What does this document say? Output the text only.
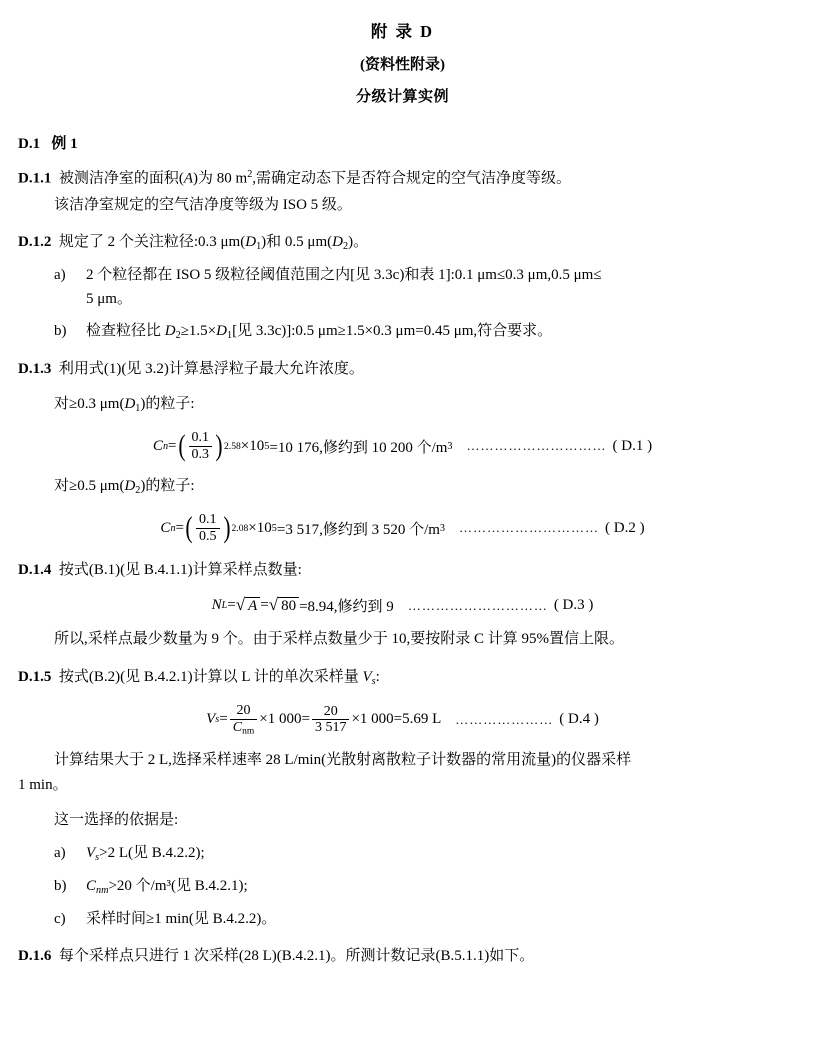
附 录 D
(资料性附录)
分级计算实例
D.1 例 1
D.1.1 被测洁净室的面积(A)为 80 $m^2$,需确定动态下是否符合规定的空气洁净度等级。
该洁净室规定的空气洁净度等级为 ISO 5 级。
D.1.2 规定了 2 个关注粒径:0.3 $\mu m(D_1)$和 0.5 $\mu m(D_2)$。
a)	2 个粒径都在 ISO 5 级粒径阈值范围之内[见 3.3c)和表 1]:0.1 μm≤0.3 μm,0.5 μm≤
5 μm。
b)	检查粒径比 $D_2\ge 1.5\times D_1$[见 3.3c)]:0.5 μm≥1.5×0.3 μm=0.45 μm,符合要求。
D.1.3 利用式(1)(见 3.2)计算悬浮粒子最大允许浓度。
对≥0.3 $\mu m(D_1)$的粒子:
C n = ( $\frac{0.1}{0.3}$ ) 2.58 ×10 5 =10 176,修约到 10 200 个/m 3 ………………………… ( D.1 )
对≥0.5 $\mu m(D_2)$的粒子:
C n = ( $\frac{0.1}{0.5}$ ) 2.08 ×10 5 =3 517,修约到 3 520 个/m 3 ………………………… ( D.2 )
D.1.4 按式(B.1)(见 B.4.1.1)计算采样点数量:
N L = √ A = √ 80 =8.94,修约到 9 ………………………… ( D.3 )
所以,采样点最少数量为 9 个。由于采样点数量少于 10,要按附录 C 计算 95%置信上限。
D.1.5 按式(B.2)(见 B.4.2.1)计算以 L 计的单次采样量 $V_s$:
V $s = \frac{20}{C_{nm}} \times 1$ $000 = \frac{20}{3 517} \times 1$ 000 =5.69 L ………………… ( D.4 )
计算结果大于 2 L,选择采样速率 28 L/min(光散射离散粒子计数器的常用流量)的仪器采样
1 min。
这一选择的依据是:
a)	$V_s>2$ L(见 B.4.2.2);
b)	$C_{nm}>20$ 个/m³(见 B.4.2.1);
c)	采样时间≥1 min(见 B.4.2.2)。
D.1.6 每个采样点只进行 1 次采样(28 L)(B.4.2.1)。所测计数记录(B.5.1.1)如下。
